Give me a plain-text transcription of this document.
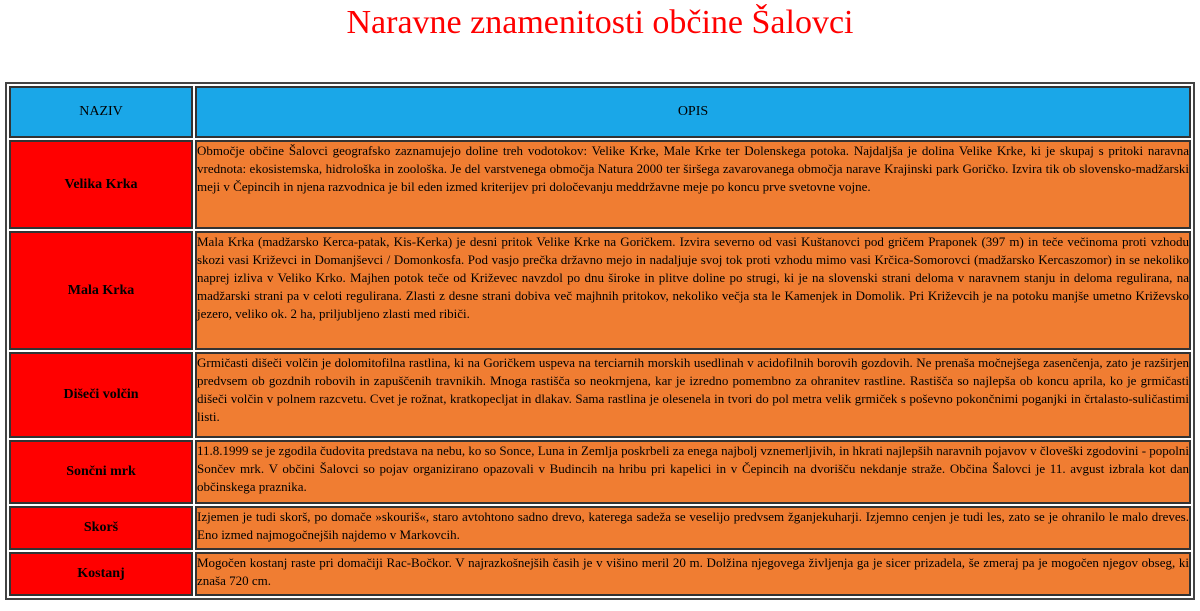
Naravne znamenitosti občine Šalovci
NAZIV	OPIS
Velika Krka	Območje občine Šalovci geografsko zaznamujejo doline treh vodotokov: Velike Krke, Male Krke ter Dolenskega potoka. Najdaljša je dolina Velike Krke, ki je skupaj s pritoki naravna vrednota: ekosistemska, hidrološka in zoološka. Je del varstvenega območja Natura 2000 ter širšega zavarovanega območja narave Krajinski park Goričko. Izvira tik ob slovensko-madžarski meji v Čepincih in njena razvodnica je bil eden izmed kriterijev pri določevanju meddržavne meje po koncu prve svetovne vojne.
Mala Krka	Mala Krka (madžarsko Kerca-patak, Kis-Kerka) je desni pritok Velike Krke na Goričkem. Izvira severno od vasi Kuštanovci pod gričem Praponek (397 m) in teče večinoma proti vzhodu skozi vasi Križevci in Domanjševci / Domonkosfa. Pod vasjo prečka državno mejo in nadaljuje svoj tok proti vzhodu mimo vasi Krčica-Somorovci (madžarsko Kercaszomor) in se nekoliko naprej izliva v Veliko Krko. Majhen potok teče od Križevec navzdol po dnu široke in plitve doline po strugi, ki je na slovenski strani deloma v naravnem stanju in deloma regulirana, na madžarski strani pa v celoti regulirana. Zlasti z desne strani dobiva več majhnih pritokov, nekoliko večja sta le Kamenjek in Domolik. Pri Križevcih je na potoku manjše umetno Križevsko jezero, veliko ok. 2 ha, priljubljeno zlasti med ribiči.
Dišeči volčin	Grmičasti dišeči volčin je dolomitofilna rastlina, ki na Goričkem uspeva na terciarnih morskih usedlinah v acidofilnih borovih gozdovih. Ne prenaša močnejšega zasenčenja, zato je razširjen predvsem ob gozdnih robovih in zapuščenih travnikih. Mnoga rastišča so neokrnjena, kar je izredno pomembno za ohranitev rastline. Rastišča so najlepša ob koncu aprila, ko je grmičasti dišeči volčin v polnem razcvetu. Cvet je rožnat, kratkopecljat in dlakav. Sama rastlina je olesenela in tvori do pol metra velik grmiček s poševno pokončnimi poganjki in črtalasto-suličastimi listi.
Sončni mrk	11.8.1999 se je zgodila čudovita predstava na nebu, ko so Sonce, Luna in Zemlja poskrbeli za enega najbolj vznemerljivih, in hkrati najlepših naravnih pojavov v človeški zgodovini - popolni Sončev mrk. V občini Šalovci so pojav organizirano opazovali v Budincih na hribu pri kapelici in v Čepincih na dvorišču nekdanje straže. Občina Šalovci je 11. avgust izbrala kot dan občinskega praznika.
Skorš	Izjemen je tudi skorš, po domače »skouriš«, staro avtohtono sadno drevo, katerega sadeža se veselijo predvsem žganjekuharji. Izjemno cenjen je tudi les, zato se je ohranilo le malo dreves. Eno izmed najmogočnejših najdemo v Markovcih.
Kostanj	Mogočen kostanj raste pri domačiji Rac-Bočkor. V najrazkošnejših časih je v višino meril 20 m. Dolžina njegovega življenja ga je sicer prizadela, še zmeraj pa je mogočen njegov obseg, ki znaša 720 cm.
